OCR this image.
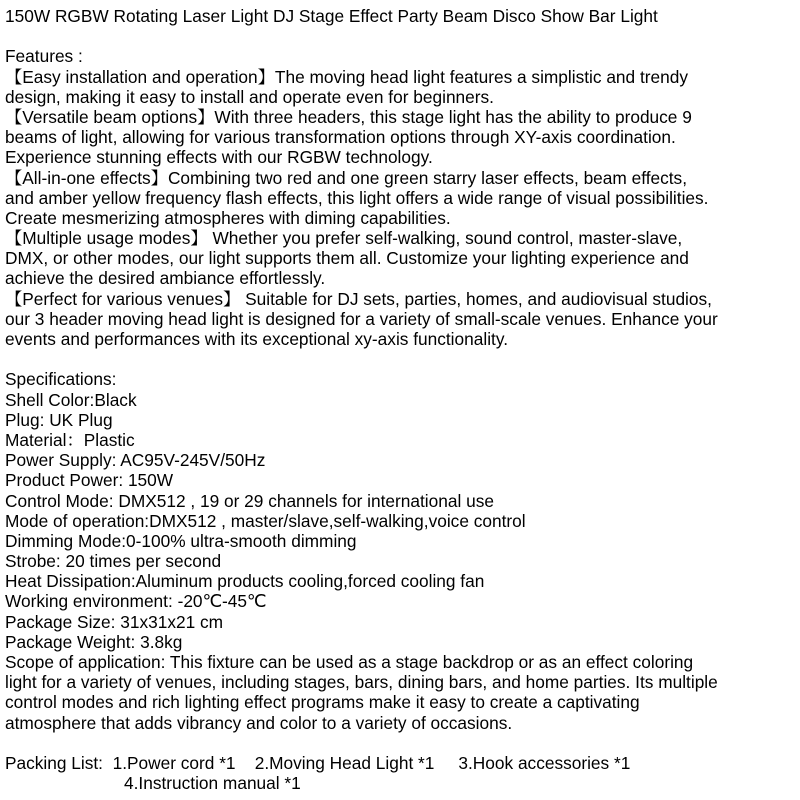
150W RGBW Rotating Laser Light DJ Stage Effect Party Beam Disco Show Bar Light
Features :
【Easy installation and operation】The moving head light features a simplistic and trendy
design, making it easy to install and operate even for beginners.
【Versatile beam options】With three headers, this stage light has the ability to produce 9
beams of light, allowing for various transformation options through XY-axis coordination.
Experience stunning effects with our RGBW technology.
【All-in-one effects】Combining two red and one green starry laser effects, beam effects,
and amber yellow frequency flash effects, this light offers a wide range of visual possibilities.
Create mesmerizing atmospheres with diming capabilities.
【Multiple usage modes】 Whether you prefer self-walking, sound control, master-slave,
DMX, or other modes, our light supports them all. Customize your lighting experience and
achieve the desired ambiance effortlessly.
【Perfect for various venues】 Suitable for DJ sets, parties, homes, and audiovisual studios,
our 3 header moving head light is designed for a variety of small-scale venues. Enhance your
events and performances with its exceptional xy-axis functionality.
Specifications:
Shell Color:Black
Plug: UK Plug
Material：Plastic
Power Supply: AC95V-245V/50Hz
Product Power: 150W
Control Mode: DMX512 , 19 or 29 channels for international use
Mode of operation:DMX512 , master/slave,self-walking,voice control
Dimming Mode:0-100% ultra-smooth dimming
Strobe: 20 times per second
Heat Dissipation:Aluminum products cooling,forced cooling fan
Working environment: -20℃-45℃
Package Size: 31x31x21 cm
Package Weight: 3.8kg
Scope of application: This fixture can be used as a stage backdrop or as an effect coloring
light for a variety of venues, including stages, bars, dining bars, and home parties. Its multiple
control modes and rich lighting effect programs make it easy to create a captivating
atmosphere that adds vibrancy and color to a variety of occasions.
Packing List:  1.Power cord *1    2.Moving Head Light *1     3.Hook accessories *1
4.Instruction manual *1
